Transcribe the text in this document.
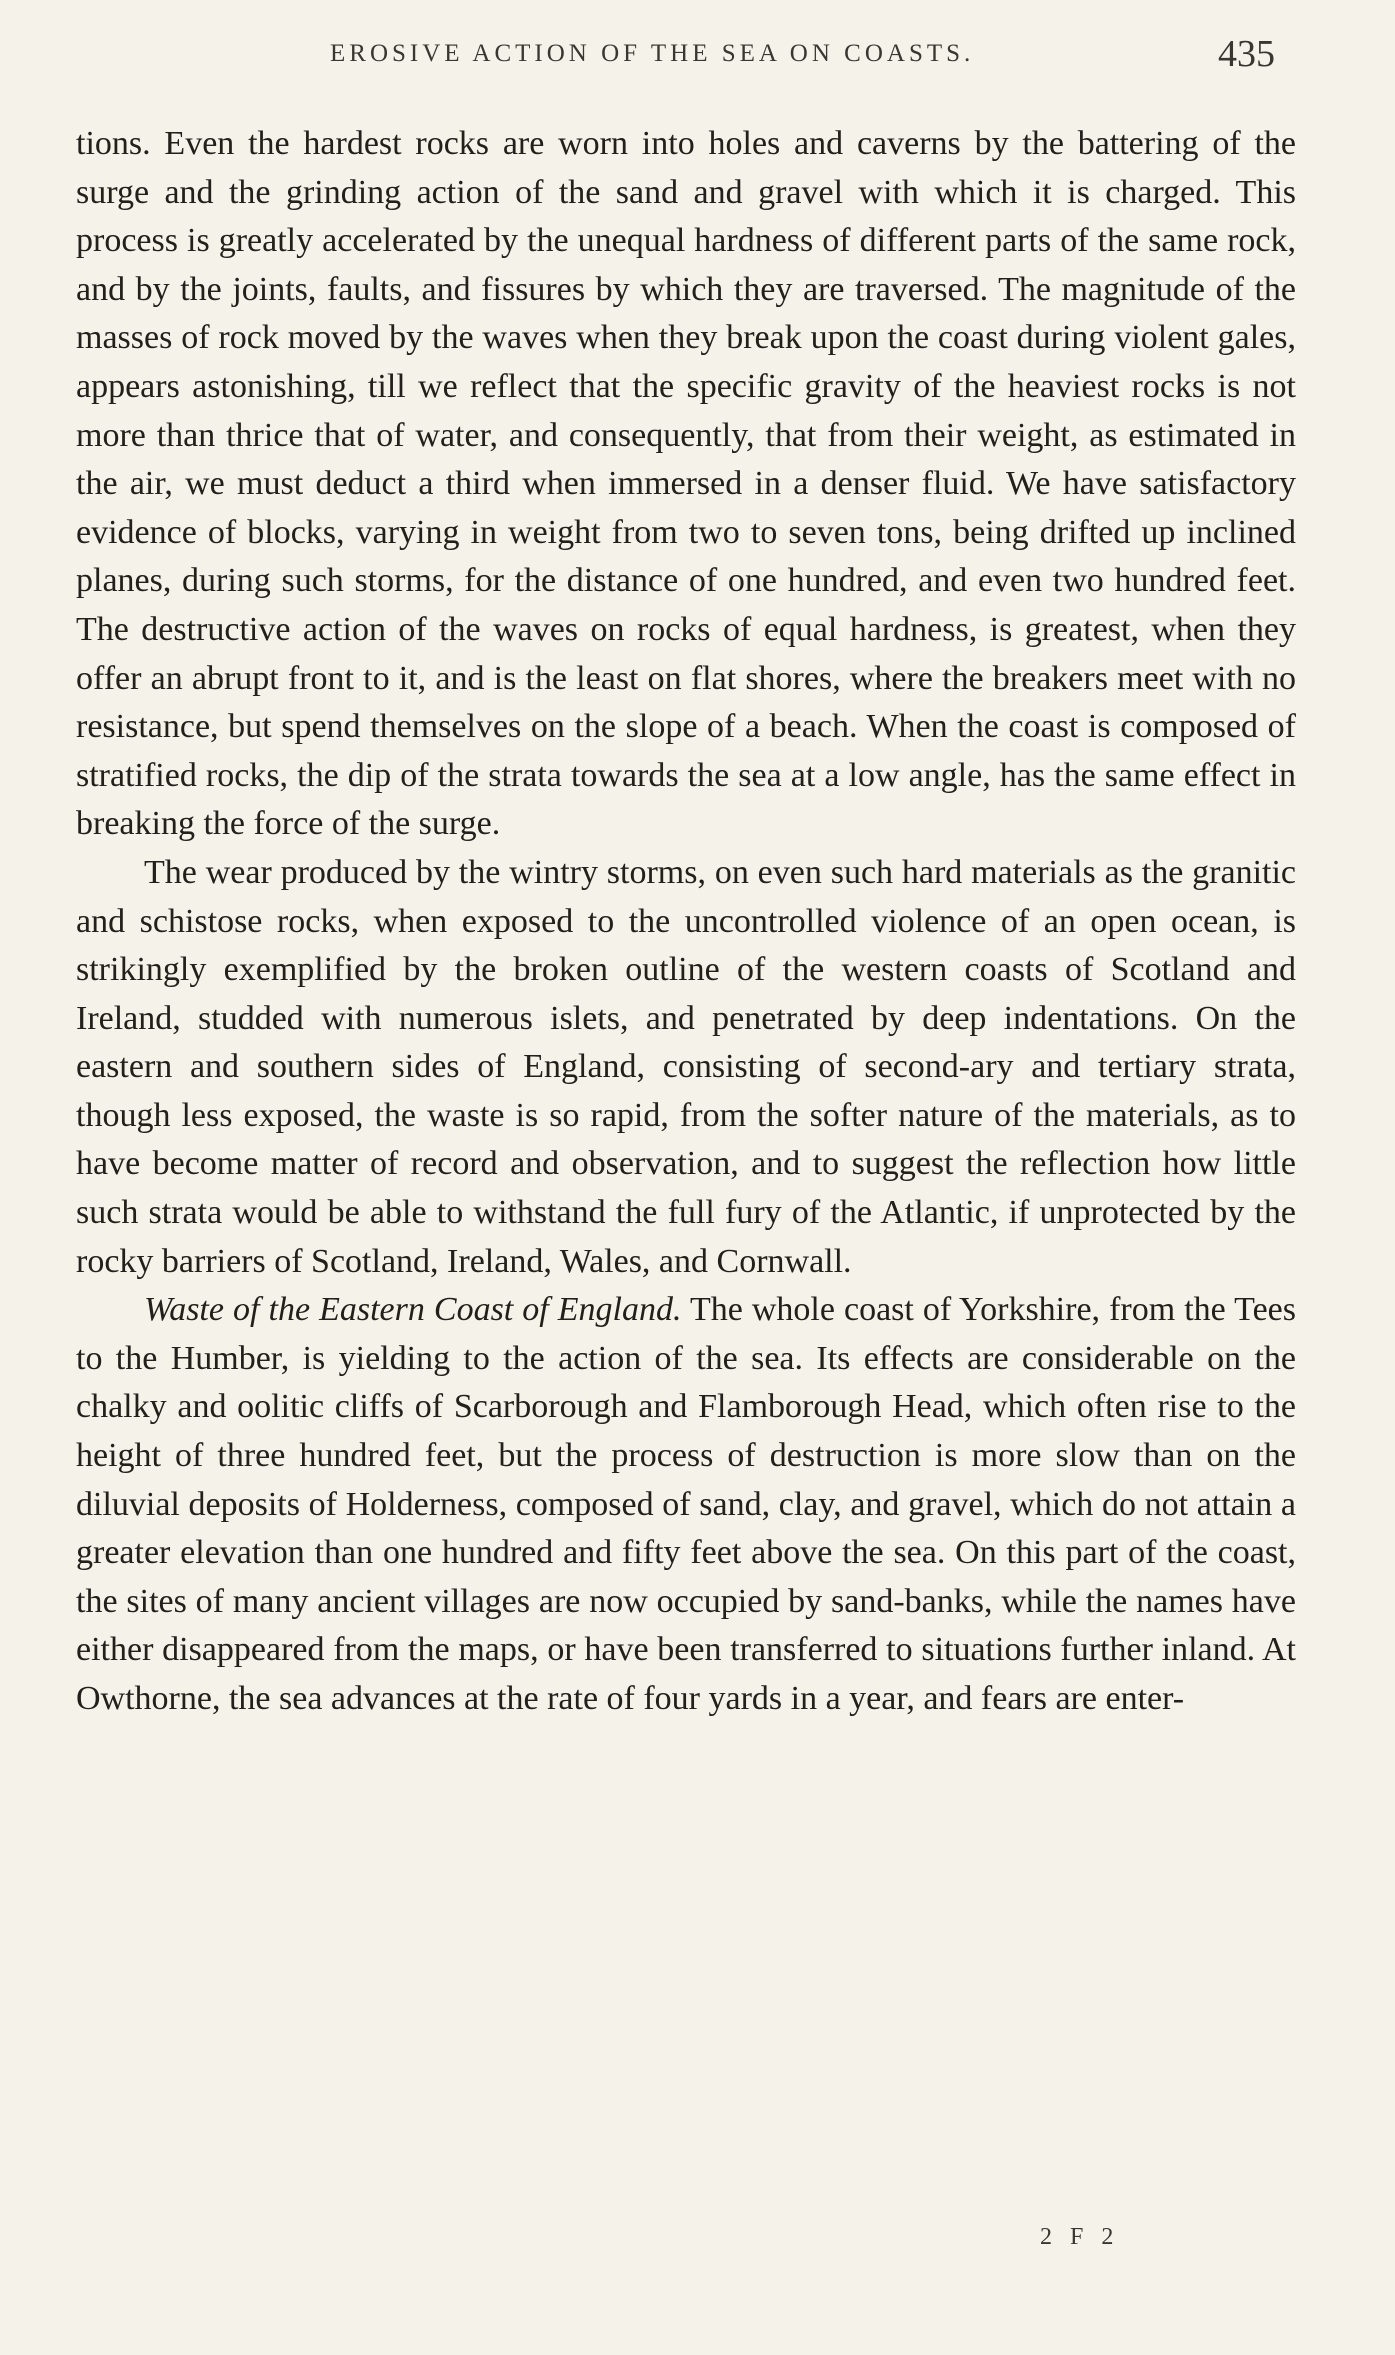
EROSIVE ACTION OF THE SEA ON COASTS.	435

tions. Even the hardest rocks are worn into holes and caverns by the battering of the surge and the grinding action of the sand and gravel with which it is charged. This process is greatly accelerated by the unequal hardness of different parts of the same rock, and by the joints, faults, and fissures by which they are traversed. The magnitude of the masses of rock moved by the waves when they break upon the coast during violent gales, appears astonishing, till we reflect that the specific gravity of the heaviest rocks is not more than thrice that of water, and consequently, that from their weight, as estimated in the air, we must deduct a third when immersed in a denser fluid. We have satisfactory evidence of blocks, varying in weight from two to seven tons, being drifted up inclined planes, during such storms, for the distance of one hundred, and even two hundred feet. The destructive action of the waves on rocks of equal hardness, is greatest, when they offer an abrupt front to it, and is the least on flat shores, where the breakers meet with no resistance, but spend themselves on the slope of a beach. When the coast is composed of stratified rocks, the dip of the strata towards the sea at a low angle, has the same effect in breaking the force of the surge.

The wear produced by the wintry storms, on even such hard materials as the granitic and schistose rocks, when exposed to the uncontrolled violence of an open ocean, is strikingly exemplified by the broken outline of the western coasts of Scotland and Ireland, studded with numerous islets, and penetrated by deep indentations. On the eastern and southern sides of England, consisting of second-ary and tertiary strata, though less exposed, the waste is so rapid, from the softer nature of the materials, as to have become matter of record and observation, and to suggest the reflection how little such strata would be able to withstand the full fury of the Atlantic, if unprotected by the rocky barriers of Scotland, Ireland, Wales, and Cornwall.

Waste of the Eastern Coast of England. The whole coast of Yorkshire, from the Tees to the Humber, is yielding to the action of the sea. Its effects are considerable on the chalky and oolitic cliffs of Scarborough and Flamborough Head, which often rise to the height of three hundred feet, but the process of destruction is more slow than on the diluvial deposits of Holderness, composed of sand, clay, and gravel, which do not attain a greater elevation than one hundred and fifty feet above the sea. On this part of the coast, the sites of many ancient villages are now occupied by sand-banks, while the names have either disappeared from the maps, or have been transferred to situations further inland. At Owthorne, the sea advances at the rate of four yards in a year, and fears are enter-

2 F 2
